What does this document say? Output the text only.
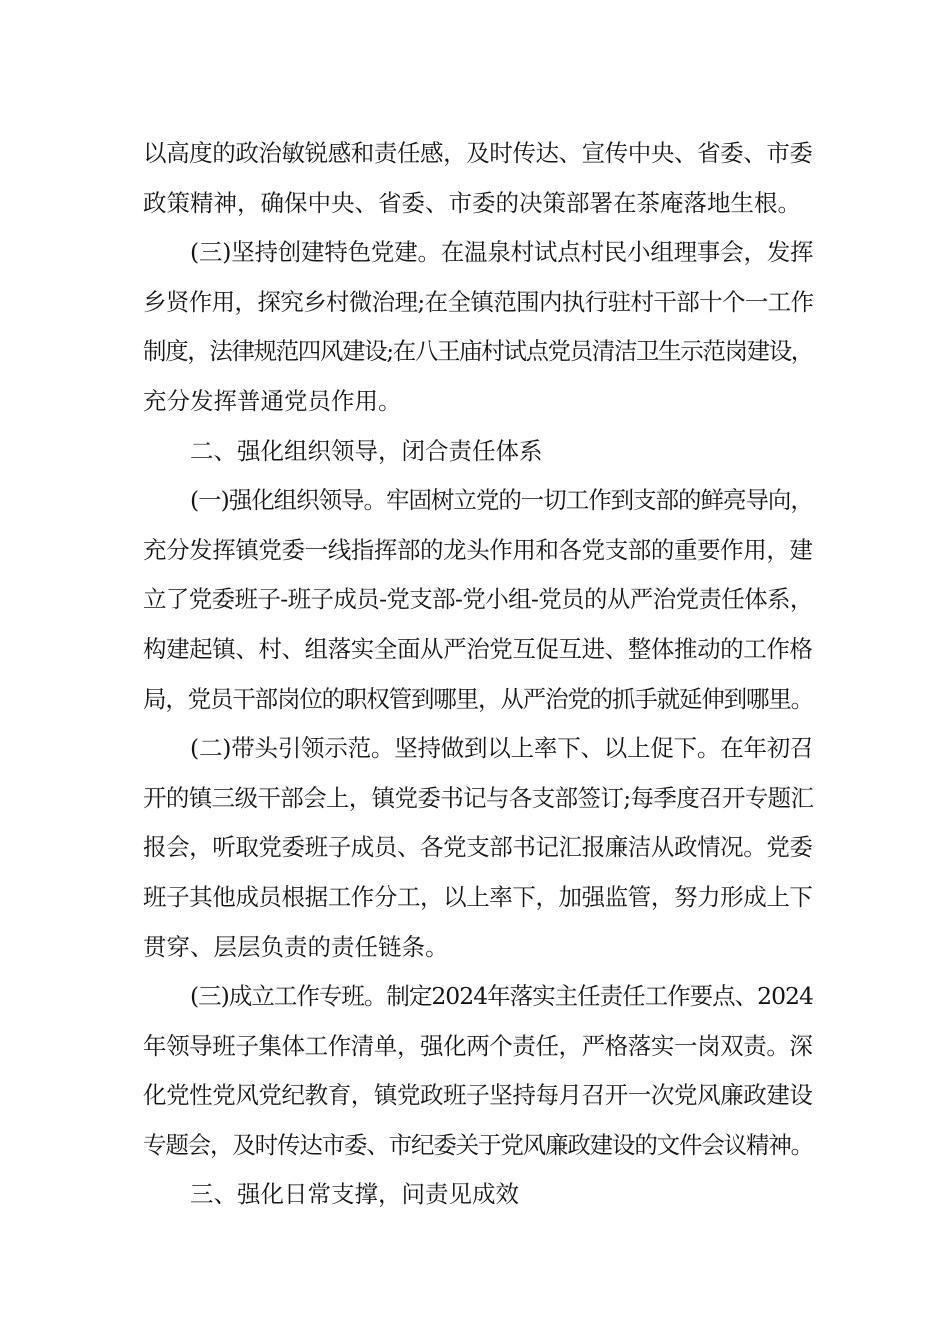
以高度的政治敏锐感和责任感，及时传达、宣传中央、省委、市委
政策精神，确保中央、省委、市委的决策部署在茶庵落地生根。
(三)坚持创建特色党建。在温泉村试点村民小组理事会，发挥
乡贤作用，探究乡村微治理;在全镇范围内执行驻村干部十个一工作
制度，法律规范四风建设;在八王庙村试点党员清洁卫生示范岗建设，
充分发挥普通党员作用。
二、强化组织领导，闭合责任体系
(一)强化组织领导。牢固树立党的一切工作到支部的鲜亮导向，
充分发挥镇党委一线指挥部的龙头作用和各党支部的重要作用，建
立了党委班子-班子成员-党支部-党小组-党员的从严治党责任体系，
构建起镇、村、组落实全面从严治党互促互进、整体推动的工作格
局，党员干部岗位的职权管到哪里，从严治党的抓手就延伸到哪里。
(二)带头引领示范。坚持做到以上率下、以上促下。在年初召
开的镇三级干部会上，镇党委书记与各支部签订;每季度召开专题汇
报会，听取党委班子成员、各党支部书记汇报廉洁从政情况。党委
班子其他成员根据工作分工，以上率下，加强监管，努力形成上下
贯穿、层层负责的责任链条。
(三)成立工作专班。制定2024年落实主任责任工作要点、2024
年领导班子集体工作清单，强化两个责任，严格落实一岗双责。深
化党性党风党纪教育，镇党政班子坚持每月召开一次党风廉政建设
专题会，及时传达市委、市纪委关于党风廉政建设的文件会议精神。
三、强化日常支撑，问责见成效
